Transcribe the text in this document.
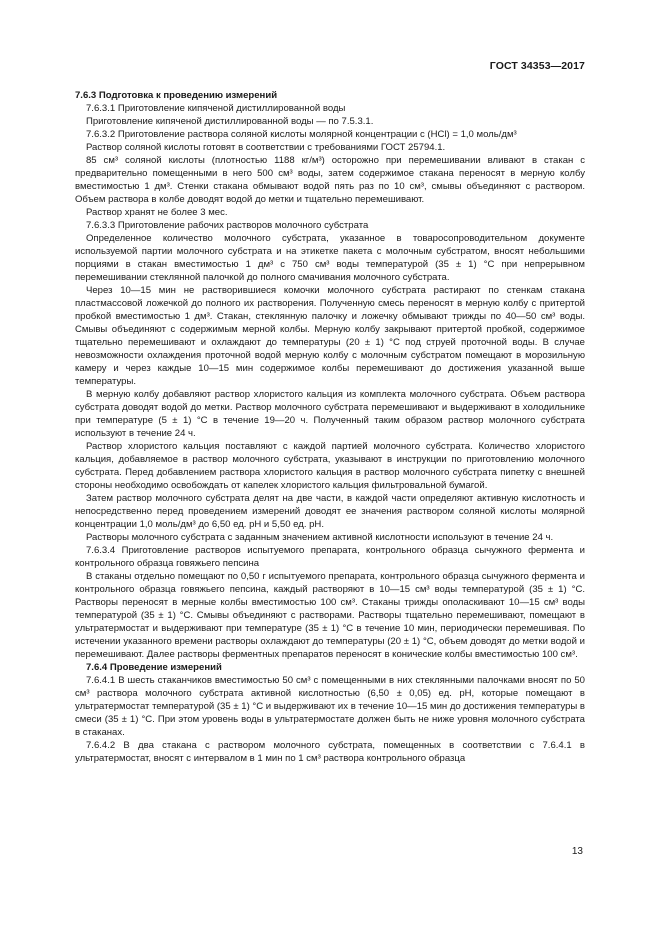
ГОСТ 34353—2017
7.6.3 Подготовка к проведению измерений

7.6.3.1 Приготовление кипяченой дистиллированной воды

Приготовление кипяченой дистиллированной воды — по 7.5.3.1.

7.6.3.2 Приготовление раствора соляной кислоты молярной концентрации c (HCl) = 1,0 моль/дм³

Раствор соляной кислоты готовят в соответствии с требованиями ГОСТ 25794.1.

85 см³ соляной кислоты (плотностью 1188 кг/м³) осторожно при перемешивании вливают в стакан с предварительно помещенными в него 500 см³ воды, затем содержимое стакана переносят в мерную колбу вместимостью 1 дм³. Стенки стакана обмывают водой пять раз по 10 см³, смывы объединяют с раствором. Объем раствора в колбе доводят водой до метки и тщательно перемешивают.

Раствор хранят не более 3 мес.

7.6.3.3 Приготовление рабочих растворов молочного субстрата

Определенное количество молочного субстрата, указанное в товаросопроводительном документе используемой партии молочного субстрата и на этикетке пакета с молочным субстратом, вносят небольшими порциями в стакан вместимостью 1 дм³ с 750 см³ воды температурой (35 ± 1) °С при непрерывном перемешивании стеклянной палочкой до полного смачивания молочного субстрата.

Через 10—15 мин не растворившиеся комочки молочного субстрата растирают по стенкам стакана пластмассовой ложечкой до полного их растворения. Полученную смесь переносят в мерную колбу с притертой пробкой вместимостью 1 дм³. Стакан, стеклянную палочку и ложечку обмывают трижды по 40—50 см³ воды. Смывы объединяют с содержимым мерной колбы. Мерную колбу закрывают притертой пробкой, содержимое тщательно перемешивают и охлаждают до температуры (20 ± 1) °С под струей проточной воды. В случае невозможности охлаждения проточной водой мерную колбу с молочным субстратом помещают в морозильную камеру и через каждые 10—15 мин содержимое колбы перемешивают до достижения указанной выше температуры.

В мерную колбу добавляют раствор хлористого кальция из комплекта молочного субстрата. Объем раствора субстрата доводят водой до метки. Раствор молочного субстрата перемешивают и выдерживают в холодильнике при температуре (5 ± 1) °С в течение 19—20 ч. Полученный таким образом раствор молочного субстрата используют в течение 24 ч.

Раствор хлористого кальция поставляют с каждой партией молочного субстрата. Количество хлористого кальция, добавляемое в раствор молочного субстрата, указывают в инструкции по приготовлению молочного субстрата. Перед добавлением раствора хлористого кальция в раствор молочного субстрата пипетку с внешней стороны необходимо освобождать от капелек хлористого кальция фильтровальной бумагой.

Затем раствор молочного субстрата делят на две части, в каждой части определяют активную кислотность и непосредственно перед проведением измерений доводят ее значения раствором соляной кислоты молярной концентрации 1,0 моль/дм³ до 6,50 ед. рН и 5,50 ед. рН.

Растворы молочного субстрата с заданным значением активной кислотности используют в течение 24 ч.

7.6.3.4 Приготовление растворов испытуемого препарата, контрольного образца сычужного фермента и контрольного образца говяжьего пепсина

В стаканы отдельно помещают по 0,50 г испытуемого препарата, контрольного образца сычужного фермента и контрольного образца говяжьего пепсина, каждый растворяют в 10—15 см³ воды температурой (35 ± 1) °С. Растворы переносят в мерные колбы вместимостью 100 см³. Стаканы трижды ополаскивают 10—15 см³ воды температурой (35 ± 1) °С. Смывы объединяют с растворами. Растворы тщательно перемешивают, помещают в ультратермостат и выдерживают при температуре (35 ± 1) °С в течение 10 мин, периодически перемешивая. По истечении указанного времени растворы охлаждают до температуры (20 ± 1) °С, объем доводят до метки водой и перемешивают. Далее растворы ферментных препаратов переносят в конические колбы вместимостью 100 см³.

7.6.4 Проведение измерений

7.6.4.1 В шесть стаканчиков вместимостью 50 см³ с помещенными в них стеклянными палочками вносят по 50 см³ раствора молочного субстрата активной кислотностью (6,50 ± 0,05) ед. рН, которые помещают в ультратермостат температурой (35 ± 1) °С и выдерживают их в течение 10—15 мин до достижения температуры в смеси (35 ± 1) °С. При этом уровень воды в ультратермостате должен быть не ниже уровня молочного субстрата в стаканах.

7.6.4.2 В два стакана с раствором молочного субстрата, помещенных в соответствии с 7.6.4.1 в ультратермостат, вносят с интервалом в 1 мин по 1 см³ раствора контрольного образца

13
